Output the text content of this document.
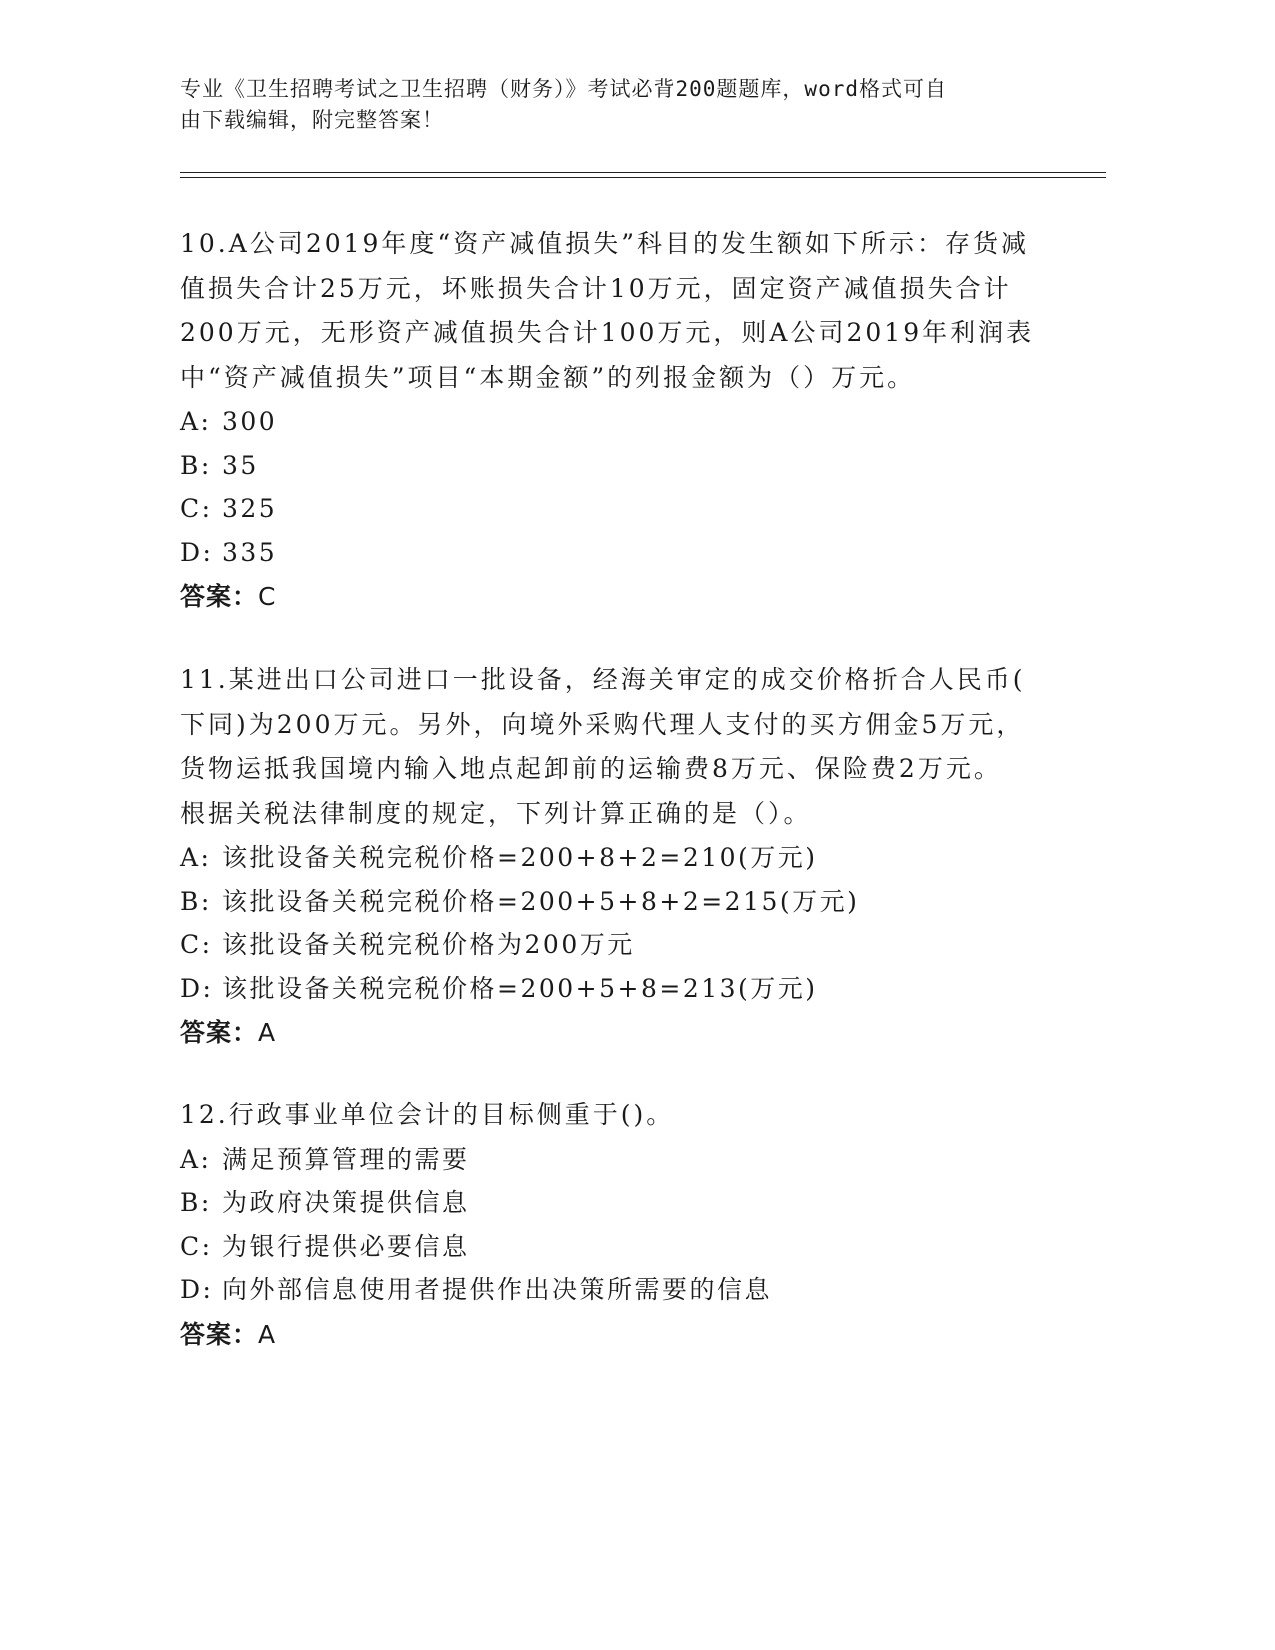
专业《卫生招聘考试之卫生招聘（财务）》考试必背200题题库，word格式可自
由下载编辑，附完整答案！

10.A公司2019年度“资产减值损失”科目的发生额如下所示：存货减
值损失合计25万元，坏账损失合计10万元，固定资产减值损失合计
200万元，无形资产减值损失合计100万元，则A公司2019年利润表
中“资产减值损失”项目“本期金额”的列报金额为（）万元。

A: 300

B: 35

C: 325

D: 335

答案：C

11.某进出口公司进口一批设备，经海关审定的成交价格折合人民币(
下同)为200万元。另外，向境外采购代理人支付的买方佣金5万元，
货物运抵我国境内输入地点起卸前的运输费8万元、保险费2万元。
根据关税法律制度的规定，下列计算正确的是（）。

A: 该批设备关税完税价格=200+8+2=210(万元)

B: 该批设备关税完税价格=200+5+8+2=215(万元)

C: 该批设备关税完税价格为200万元

D: 该批设备关税完税价格=200+5+8=213(万元)

答案：A

12.行政事业单位会计的目标侧重于()。

A: 满足预算管理的需要

B: 为政府决策提供信息

C: 为银行提供必要信息

D: 向外部信息使用者提供作出决策所需要的信息

答案：A
